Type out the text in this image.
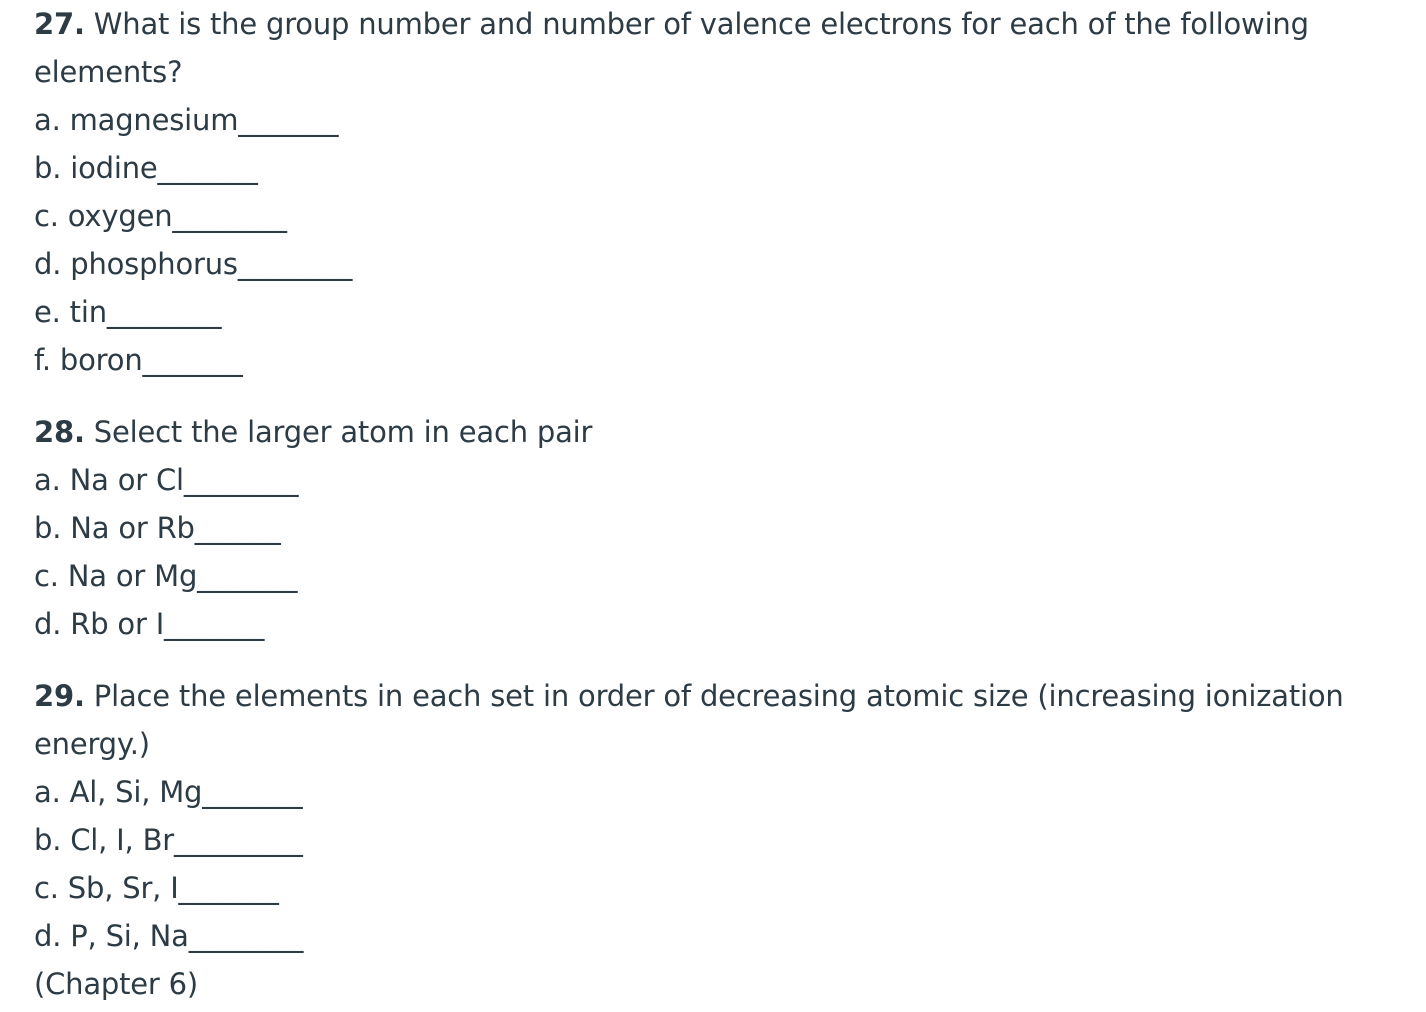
27. What is the group number and number of valence electrons for each of the following elements?
a. magnesium_______
b. iodine_______
c. oxygen________
d. phosphorus________
e. tin________
f. boron_______
28. Select the larger atom in each pair
a. Na or Cl________
b. Na or Rb______
c. Na or Mg_______
d. Rb or I_______
29. Place the elements in each set in order of decreasing atomic size (increasing ionization energy.)
a. Al, Si, Mg_______
b. Cl, I, Br_________
c. Sb, Sr, I_______
d. P, Si, Na________
(Chapter 6)
